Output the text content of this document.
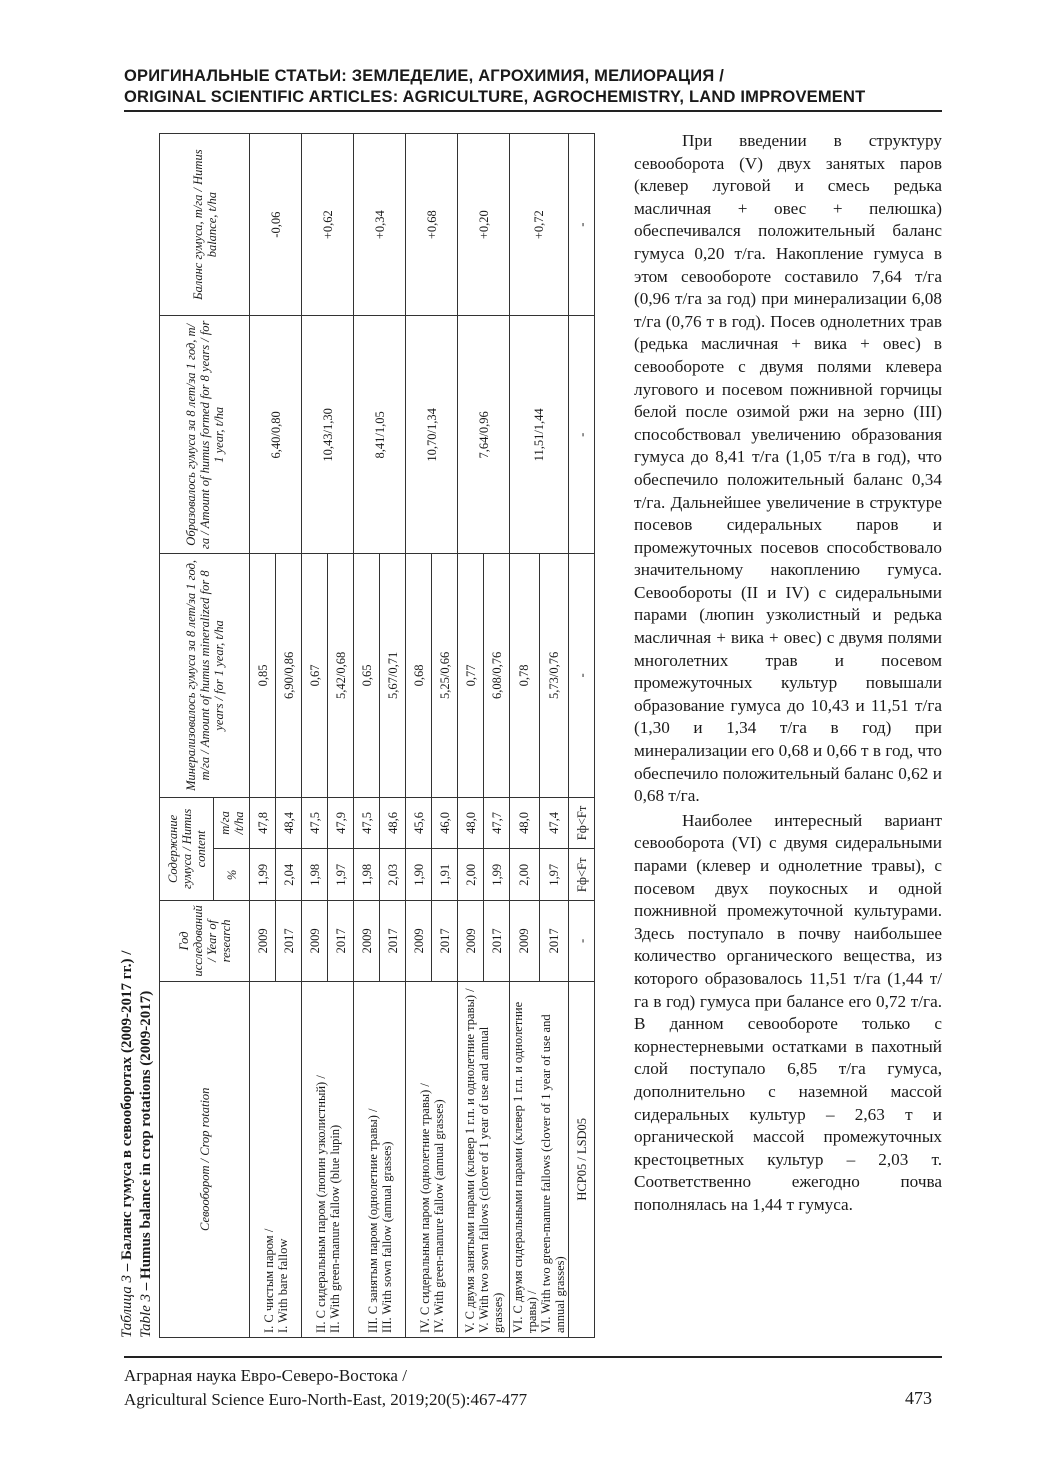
ОРИГИНАЛЬНЫЕ СТАТЬИ: ЗЕМЛЕДЕЛИЕ, АГРОХИМИЯ, МЕЛИОРАЦИЯ /
ORIGINAL SCIENTIFIC ARTICLES: AGRICULTURE, AGROCHEMISTRY, LAND IMPROVEMENT
Таблица 3 – Баланс гумуса в севооборотах (2009-2017 гг.) /
Table 3 – Humus balance in crop rotations (2009-2017)	Севооборот / Crop rotation	Год исследований / Year of research	Содержание гумуса / Humus content		Минерализовалось гумуса за 8 лет/за 1 год, т/га / Amount of humus mineralized for 8 years / for 1 year, t/ha	Образовалось гумуса за 8 лет/за 1 год, т/га / Amount of humus formed for 8 years / for 1 year, t/ha	Баланс гумуса, т/га / Humus balance, t/ha
		%	т/га /t/ha			

I. С чистым паром / I. With bare fallow	2009	1,99	47,8	0,85	6,40/0,80	-0,06
	2017	2,04	48,4	6,90/0,86		

II. С сидеральным паром (люпин узколистный) / II. With green-manure fallow (blue lupin)	2009	1,98	47,5	0,67	10,43/1,30	+0,62
	2017	1,97	47,9	5,42/0,68		

III. С занятым паром (однолетние травы) / III. With sown fallow (annual grasses)	2009	1,98	47,5	0,65	8,41/1,05	+0,34
	2017	2,03	48,6	5,67/0,71		

IV. С сидеральным паром (однолетние травы) / IV. With green-manure fallow (annual grasses)	2009	1,90	45,6	0,68	10,70/1,34	+0,68
	2017	1,91	46,0	5,25/0,66		

V. С двумя занятыми парами (клевер 1 г.п. и однолетние травы) / V. With two sown fallows (clover of 1 year of use and annual grasses)	2009	2,00	48,0	0,77	7,64/0,96	+0,20
	2017	1,99	47,7	6,08/0,76		

VI. С двумя сидеральными парами (клевер 1 г.п. и однолетние травы) / VI. With two green-manure fallows (clover of 1 year of use and annual grasses)	2009	2,00	48,0	0,78	11,51/1,44	+0,72
	2017	1,97	47,4	5,73/0,76		
НСР05 / LSD05	-	Fф<Fт	Fф<Fт	-	-	-

При введении в структуру севооборота (V) двух занятых паров (клевер луговой и смесь редька масличная + овес + пелюшка) обеспечивался положительный баланс гумуса 0,20 т/га. Накопление гумуса в этом севообороте составило 7,64 т/га (0,96 т/га за год) при минерализации 6,08 т/га (0,76 т в год). Посев однолетних трав (редька масличная + вика + овес) в севообороте с двумя полями клевера лугового и посевом пожнивной горчицы белой после озимой ржи на зерно (III) способствовал увеличению образования гумуса до 8,41 т/га (1,05 т/га в год), что обеспечило положительный баланс 0,34 т/га. Дальнейшее увеличение в структуре посевов сидеральных паров и промежуточных посевов способствовало значительному накоплению гумуса. Севообороты (II и IV) с сидеральными парами (люпин узколистный и редька масличная + вика + овес) с двумя полями многолетних трав и посевом промежуточных культур повышали образование гумуса до 10,43 и 11,51 т/га (1,30 и 1,34 т/га в год) при минерализации его 0,68 и 0,66 т в год, что обеспечило положительный баланс 0,62 и 0,68 т/га.

Наиболее интересный вариант севооборота (VI) с двумя сидеральными парами (клевер и однолетние травы), с посевом двух поукосных и одной пожнивной промежуточной культурами. Здесь поступало в почву наибольшее количество органического вещества, из которого образовалось 11,51 т/га (1,44 т/га в год) гумуса при балансе его 0,72 т/га. В данном севообороте только с корнестерневыми остатками в пахотный слой поступало 6,85 т/га гумуса, дополнительно с наземной массой сидеральных культур – 2,63 т и органической массой промежуточных крестоцветных культур – 2,03 т. Соответственно ежегодно почва пополнялась на 1,44 т гумуса.

Аграрная наука Евро-Северо-Востока /
Agricultural Science Euro-North-East, 2019;20(5):467-477	473
